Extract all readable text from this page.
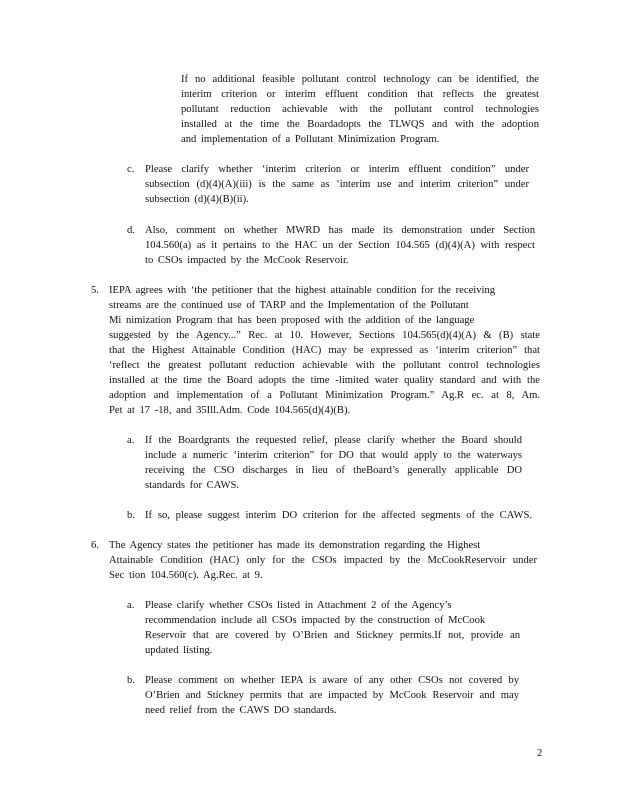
If no additional feasible pollutant control technology can be identified, the
interim criterion or interim effluent condition that reflects the greatest
pollutant reduction achievable with the pollutant control technologies
installed at the time the Boardadopts the TLWQS and with the adoption
and implementation of a Pollutant Minimization Program.
c. Please clarify whether ‘interim criterion or interim effluent condition” under
subsection (d)(4)(A)(iii) is the same as ‘interim use and interim criterion” under
subsection (d)(4)(B)(ii).
d. Also, comment on whether MWRD has made its demonstration under Section
104.560(a) as it pertains to the HAC un der Section 104.565 (d)(4)(A) with respect
to CSOs impacted by the McCook Reservoir.
5. IEPA agrees with ‘the petitioner that the highest attainable condition for the receiving
streams are the continued use of TARP and the Implementation of the Pollutant
Mi nimization Program that has been proposed with the addition of the language
suggested by the Agency...” Rec. at 10. However, Sections 104.565(d)(4)(A) & (B) state
that the Highest Attainable Condition (HAC) may be expressed as ‘interim criterion” that
‘reflect the greatest pollutant reduction achievable with the pollutant control technologies
installed at the time the Board adopts the time -limited water quality standard and with the
adoption and implementation of a Pollutant Minimization Program.” Ag.R ec. at 8, Am.
Pet at 17 -18, and 35Ill.Adm. Code 104.565(d)(4)(B).
a. If the Boardgrants the requested relief, please clarify whether the Board should
include a numeric ‘interim criterion” for DO that would apply to the waterways
receiving the CSO discharges in lieu of theBoard’s generally applicable DO
standards for CAWS.
b. If so, please suggest interim DO criterion for the affected segments of the CAWS.
6. The Agency states the petitioner has made its demonstration regarding the Highest
Attainable Condition (HAC) only for the CSOs impacted by the McCookReservoir under
Sec tion 104.560(c). Ag.Rec. at 9.
a. Please clarify whether CSOs listed in Attachment 2 of the Agency’s
recommendation include all CSOs impacted by the construction of McCook
Reservoir that are covered by O’Brien and Stickney permits.If not, provide an
updated listing.
b. Please comment on whether IEPA is aware of any other CSOs not covered by
O’Brien and Stickney permits that are impacted by McCook Reservoir and may
need relief from the CAWS DO standards.
2
